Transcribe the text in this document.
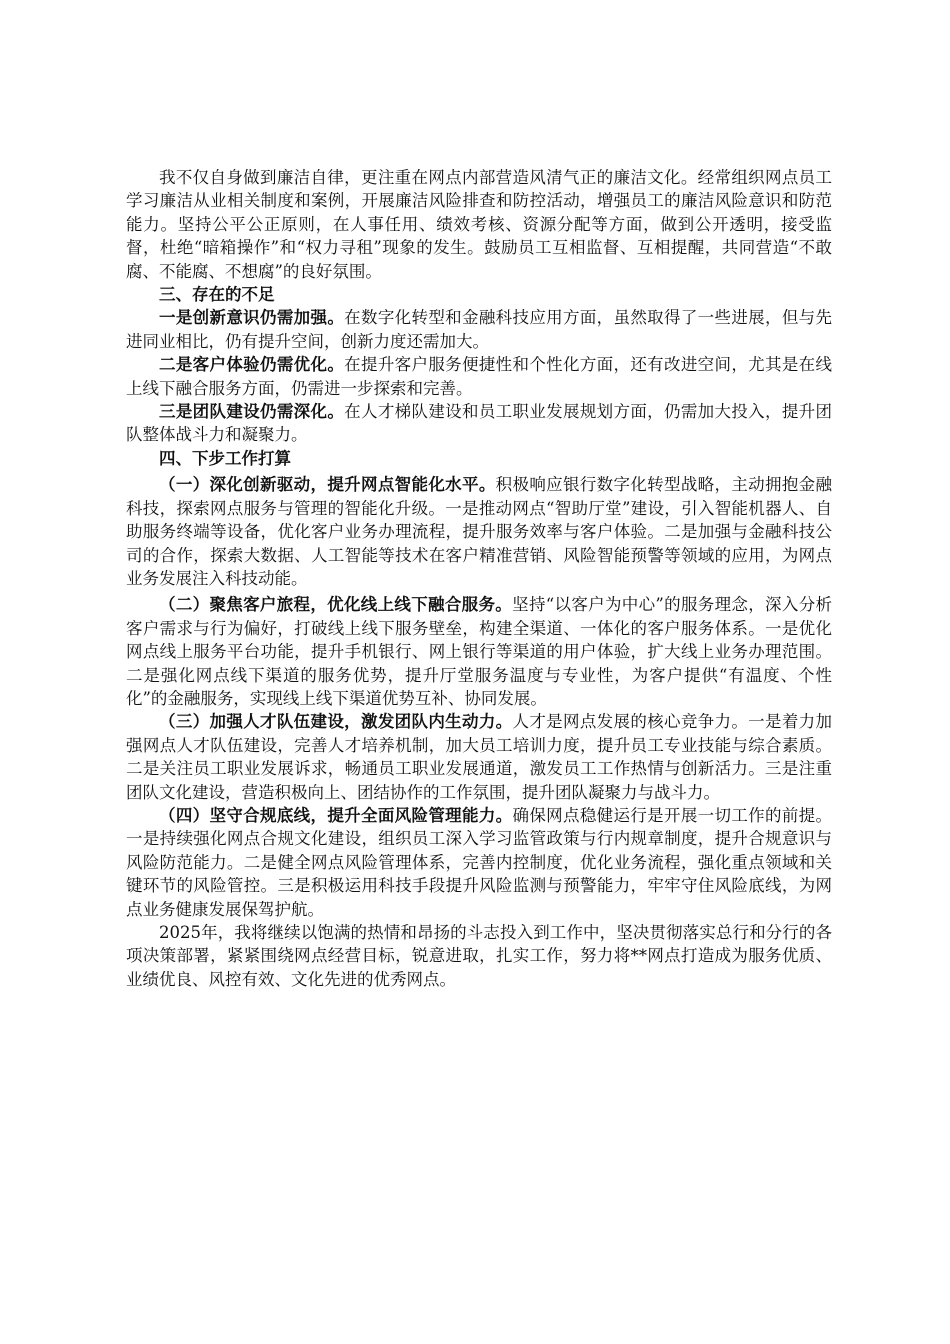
我不仅自身做到廉洁自律，更注重在网点内部营造风清气正的廉洁文化。经常组织网点员工学习廉洁从业相关制度和案例，开展廉洁风险排查和防控活动，增强员工的廉洁风险意识和防范能力。坚持公平公正原则，在人事任用、绩效考核、资源分配等方面，做到公开透明，接受监督，杜绝“暗箱操作”和“权力寻租”现象的发生。鼓励员工互相监督、互相提醒，共同营造“不敢腐、不能腐、不想腐”的良好氛围。

三、存在的不足

一是创新意识仍需加强。在数字化转型和金融科技应用方面，虽然取得了一些进展，但与先进同业相比，仍有提升空间，创新力度还需加大。

二是客户体验仍需优化。在提升客户服务便捷性和个性化方面，还有改进空间，尤其是在线上线下融合服务方面，仍需进一步探索和完善。

三是团队建设仍需深化。在人才梯队建设和员工职业发展规划方面，仍需加大投入，提升团队整体战斗力和凝聚力。

四、下步工作打算

（一）深化创新驱动，提升网点智能化水平。积极响应银行数字化转型战略，主动拥抱金融科技，探索网点服务与管理的智能化升级。一是推动网点“智助厅堂”建设，引入智能机器人、自助服务终端等设备，优化客户业务办理流程，提升服务效率与客户体验。二是加强与金融科技公司的合作，探索大数据、人工智能等技术在客户精准营销、风险智能预警等领域的应用，为网点业务发展注入科技动能。

（二）聚焦客户旅程，优化线上线下融合服务。坚持“以客户为中心”的服务理念，深入分析客户需求与行为偏好，打破线上线下服务壁垒，构建全渠道、一体化的客户服务体系。一是优化网点线上服务平台功能，提升手机银行、网上银行等渠道的用户体验，扩大线上业务办理范围。二是强化网点线下渠道的服务优势，提升厅堂服务温度与专业性，为客户提供“有温度、个性化”的金融服务，实现线上线下渠道优势互补、协同发展。

（三）加强人才队伍建设，激发团队内生动力。人才是网点发展的核心竞争力。一是着力加强网点人才队伍建设，完善人才培养机制，加大员工培训力度，提升员工专业技能与综合素质。二是关注员工职业发展诉求，畅通员工职业发展通道，激发员工工作热情与创新活力。三是注重团队文化建设，营造积极向上、团结协作的工作氛围，提升团队凝聚力与战斗力。

（四）坚守合规底线，提升全面风险管理能力。确保网点稳健运行是开展一切工作的前提。一是持续强化网点合规文化建设，组织员工深入学习监管政策与行内规章制度，提升合规意识与风险防范能力。二是健全网点风险管理体系，完善内控制度，优化业务流程，强化重点领域和关键环节的风险管控。三是积极运用科技手段提升风险监测与预警能力，牢牢守住风险底线，为网点业务健康发展保驾护航。

2025年，我将继续以饱满的热情和昂扬的斗志投入到工作中，坚决贯彻落实总行和分行的各项决策部署，紧紧围绕网点经营目标，锐意进取，扎实工作，努力将**网点打造成为服务优质、业绩优良、风控有效、文化先进的优秀网点。
